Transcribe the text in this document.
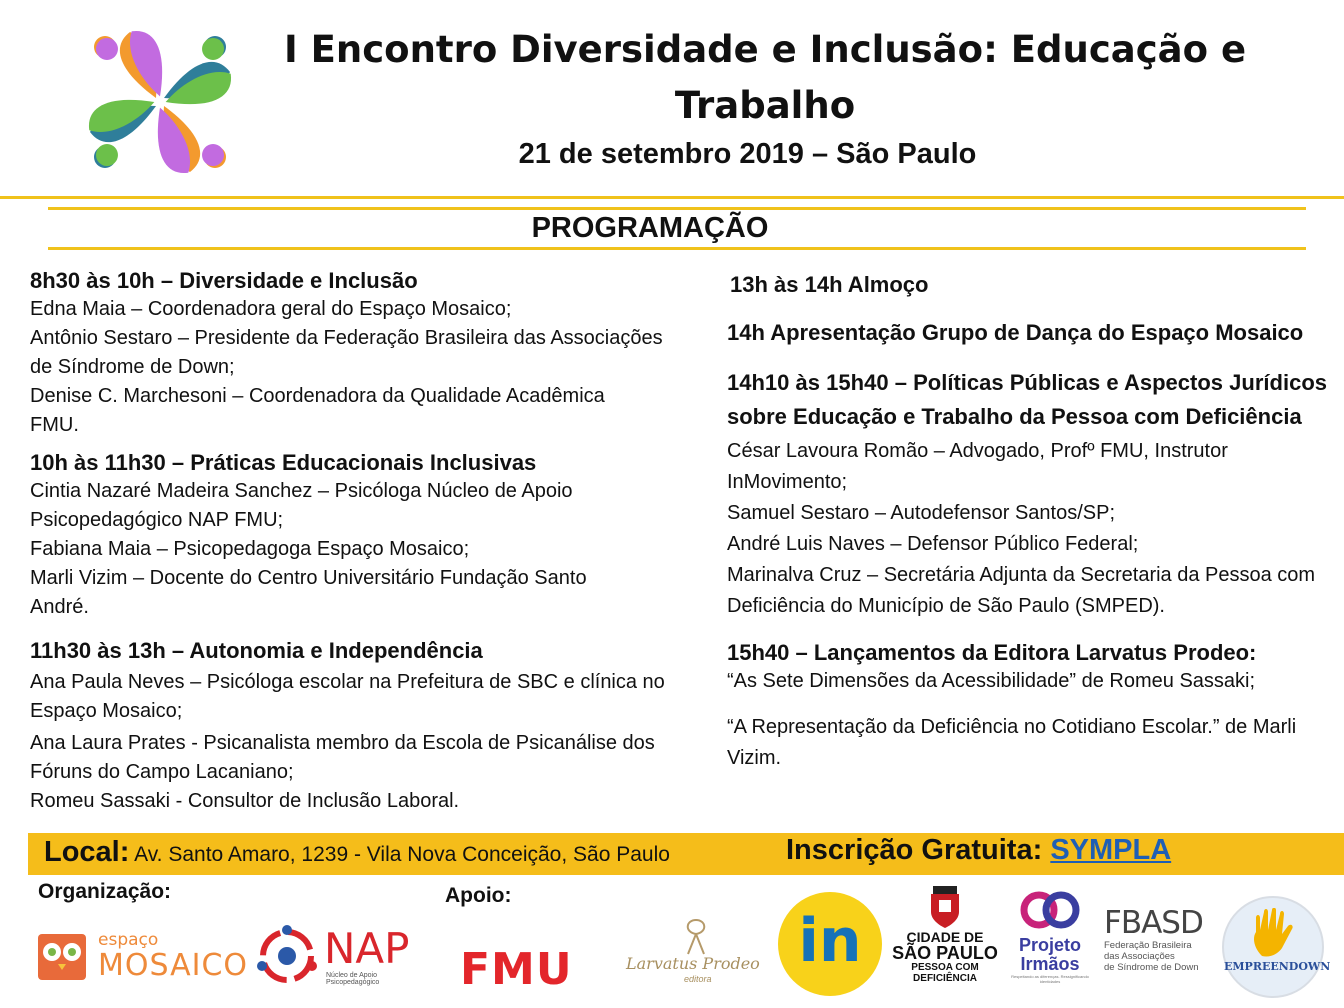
I Encontro Diversidade e Inclusão: Educação e
Trabalho
21 de setembro 2019 – São Paulo
PROGRAMAÇÃO

8h30 às 10h – Diversidade e Inclusão

Edna Maia – Coordenadora geral do Espaço Mosaico;

Antônio Sestaro – Presidente da Federação Brasileira das Associações

de Síndrome de Down;

Denise C. Marchesoni – Coordenadora da Qualidade Acadêmica

FMU.

10h às 11h30 – Práticas Educacionais Inclusivas

Cintia Nazaré Madeira Sanchez – Psicóloga Núcleo de Apoio

Psicopedagógico NAP FMU;

Fabiana Maia – Psicopedagoga Espaço Mosaico;

Marli Vizim – Docente do Centro Universitário Fundação Santo

André.

11h30 às 13h – Autonomia e Independência

Ana Paula Neves – Psicóloga escolar na Prefeitura de SBC e clínica no

Espaço Mosaico;

Ana Laura Prates - Psicanalista membro da Escola de Psicanálise dos

Fóruns do Campo Lacaniano;

Romeu Sassaki - Consultor de Inclusão Laboral.

13h às 14h Almoço

14h Apresentação Grupo de Dança do Espaço Mosaico

14h10 às 15h40 – Políticas Públicas e Aspectos Jurídicos sobre Educação e Trabalho da Pessoa com Deficiência

César Lavoura Romão – Advogado, Profº FMU, Instrutor InMovimento;

Samuel Sestaro – Autodefensor Santos/SP;

André Luis Naves – Defensor Público Federal;

Marinalva Cruz – Secretária Adjunta da Secretaria da Pessoa com Deficiência do Município de São Paulo (SMPED).

15h40 – Lançamentos da Editora Larvatus Prodeo:

“As Sete Dimensões da Acessibilidade” de Romeu Sassaki;

“A Representação da Deficiência no Cotidiano Escolar.” de Marli Vizim.

Local: Av. Santo Amaro, 1239 - Vila Nova Conceição, São Paulo	Inscrição Gratuita: SYMPLA
Organização:	Apoio:
espaço
MOSAICO NAP
Núcleo de Apoio Psicopedagógico	FMU	Larvatus Prodeo
editora
in	CIDADE DE
SÃO PAULO
PESSOA COM
DEFICIÊNCIA
Projeto
Irmãos
Respeitando as diferenças. Ressignificando identidades
FBASD
Federação Brasileira
das Associações
de Síndrome de Down	EMPREENDOWN
